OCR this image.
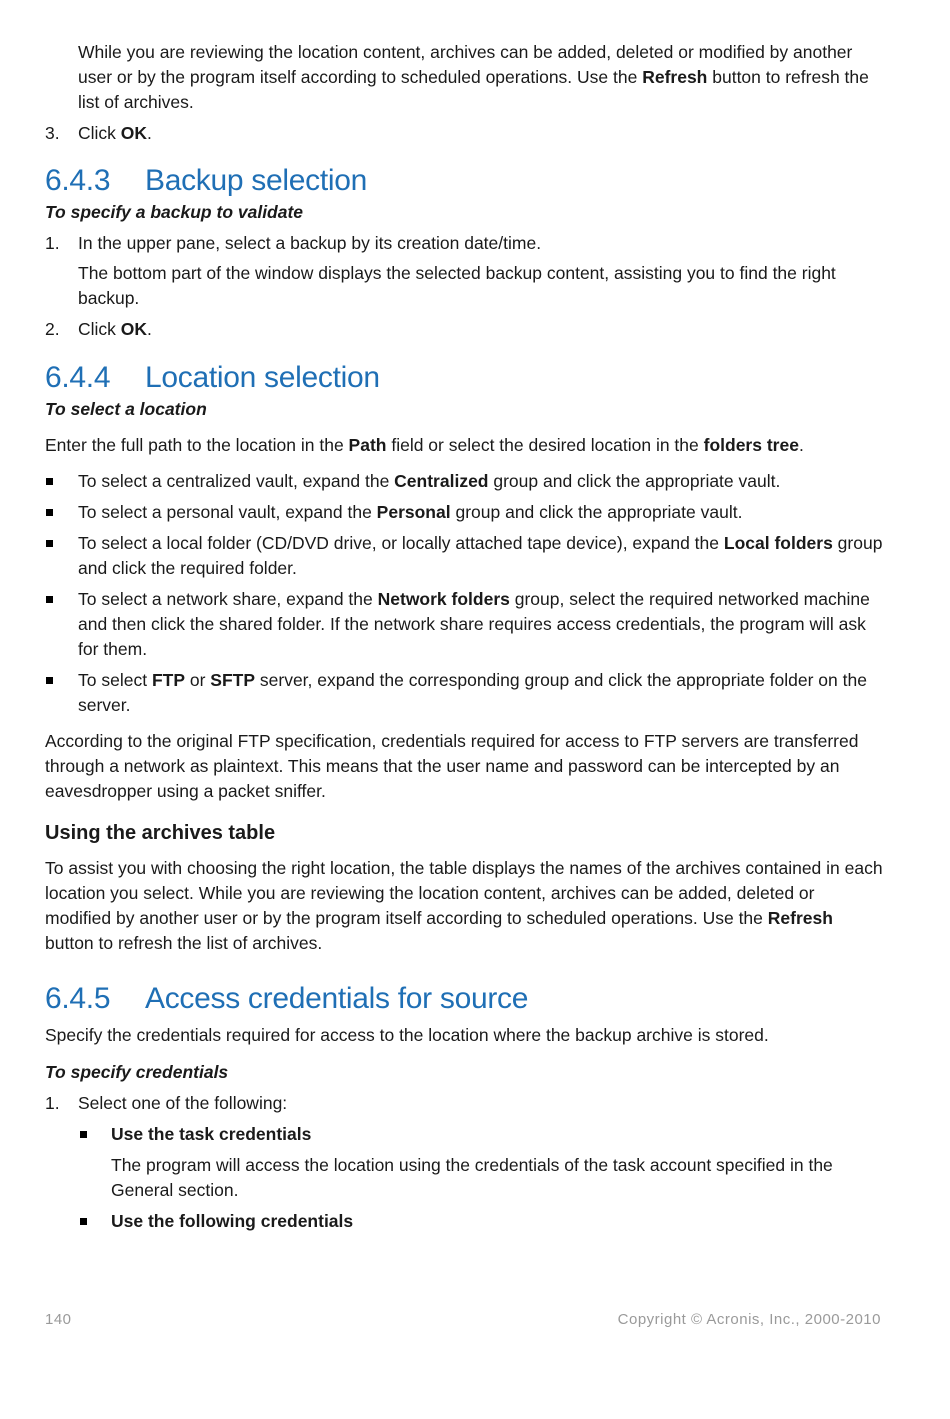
While you are reviewing the location content, archives can be added, deleted or modified by another user or by the program itself according to scheduled operations. Use the Refresh button to refresh the list of archives.

3. Click OK.

6.4.3 Backup selection

To specify a backup to validate

1. In the upper pane, select a backup by its creation date/time.

The bottom part of the window displays the selected backup content, assisting you to find the right backup.

2. Click OK.

6.4.4 Location selection

To select a location

Enter the full path to the location in the Path field or select the desired location in the folders tree.

To select a centralized vault, expand the Centralized group and click the appropriate vault.

To select a personal vault, expand the Personal group and click the appropriate vault.

To select a local folder (CD/DVD drive, or locally attached tape device), expand the Local folders group and click the required folder.

To select a network share, expand the Network folders group, select the required networked machine and then click the shared folder. If the network share requires access credentials, the program will ask for them.

To select FTP or SFTP server, expand the corresponding group and click the appropriate folder on the server.

According to the original FTP specification, credentials required for access to FTP servers are transferred through a network as plaintext. This means that the user name and password can be intercepted by an eavesdropper using a packet sniffer.

Using the archives table

To assist you with choosing the right location, the table displays the names of the archives contained in each location you select. While you are reviewing the location content, archives can be added, deleted or modified by another user or by the program itself according to scheduled operations. Use the Refresh button to refresh the list of archives.

6.4.5 Access credentials for source

Specify the credentials required for access to the location where the backup archive is stored.

To specify credentials

1. Select one of the following:

Use the task credentials

The program will access the location using the credentials of the task account specified in the General section.

Use the following credentials

140	Copyright © Acronis, Inc., 2000-2010
